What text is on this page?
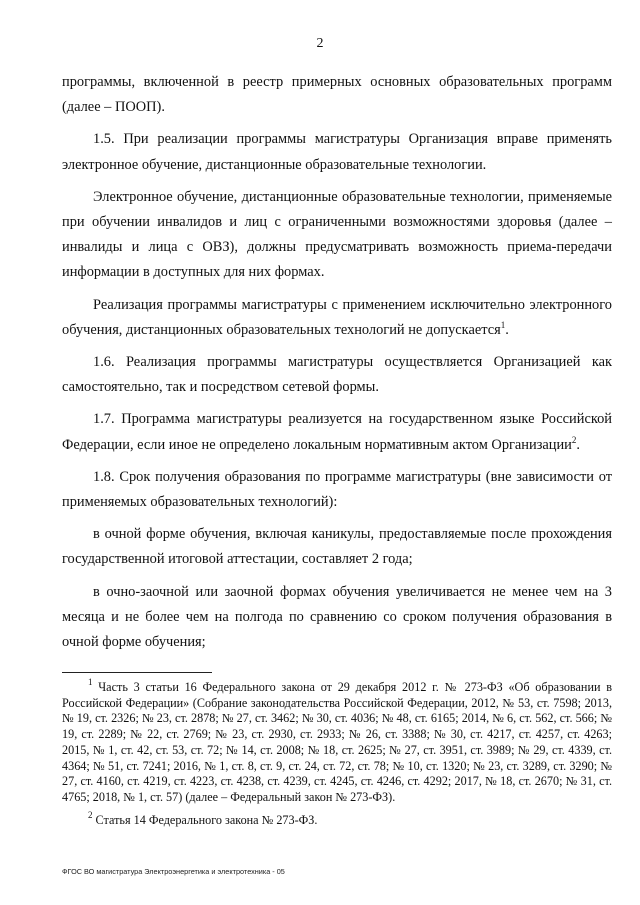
2

программы, включенной в реестр примерных основных образовательных программ (далее – ПООП).

1.5. При реализации программы магистратуры Организация вправе применять электронное обучение, дистанционные образовательные технологии.

Электронное обучение, дистанционные образовательные технологии, применяемые при обучении инвалидов и лиц с ограниченными возможностями здоровья (далее – инвалиды и лица с ОВЗ), должны предусматривать возможность приема-передачи информации в доступных для них формах.

Реализация программы магистратуры с применением исключительно электронного обучения, дистанционных образовательных технологий не допускается$^1$.

1.6. Реализация программы магистратуры осуществляется Организацией как самостоятельно, так и посредством сетевой формы.

1.7. Программа магистратуры реализуется на государственном языке Российской Федерации, если иное не определено локальным нормативным актом Организации$^2$.

1.8. Срок получения образования по программе магистратуры (вне зависимости от применяемых образовательных технологий):

в очной форме обучения, включая каникулы, предоставляемые после прохождения государственной итоговой аттестации, составляет 2 года;

в очно-заочной или заочной формах обучения увеличивается не менее чем на 3 месяца и не более чем на полгода по сравнению со сроком получения образования в очной форме обучения;

$^1$ Часть 3 статьи 16 Федерального закона от 29 декабря 2012 г. № 273-ФЗ «Об образовании в Российской Федерации» (Собрание законодательства Российской Федерации, 2012, № 53, ст. 7598; 2013, № 19, ст. 2326; № 23, ст. 2878; № 27, ст. 3462; № 30, ст. 4036; № 48, ст. 6165; 2014, № 6, ст. 562, ст. 566; № 19, ст. 2289; № 22, ст. 2769; № 23, ст. 2930, ст. 2933; № 26, ст. 3388; № 30, ст. 4217, ст. 4257, ст. 4263; 2015, № 1, ст. 42, ст. 53, ст. 72; № 14, ст. 2008; № 18, ст. 2625; № 27, ст. 3951, ст. 3989; № 29, ст. 4339, ст. 4364; № 51, ст. 7241; 2016, № 1, ст. 8, ст. 9, ст. 24, ст. 72, ст. 78; № 10, ст. 1320; № 23, ст. 3289, ст. 3290; № 27, ст. 4160, ст. 4219, ст. 4223, ст. 4238, ст. 4239, ст. 4245, ст. 4246, ст. 4292; 2017, № 18, ст. 2670; № 31, ст. 4765; 2018, № 1, ст. 57) (далее – Федеральный закон № 273-ФЗ).

$^2$ Статья 14 Федерального закона № 273-ФЗ.

ФГОС ВО магистратура Электроэнергетика и электротехника - 05
